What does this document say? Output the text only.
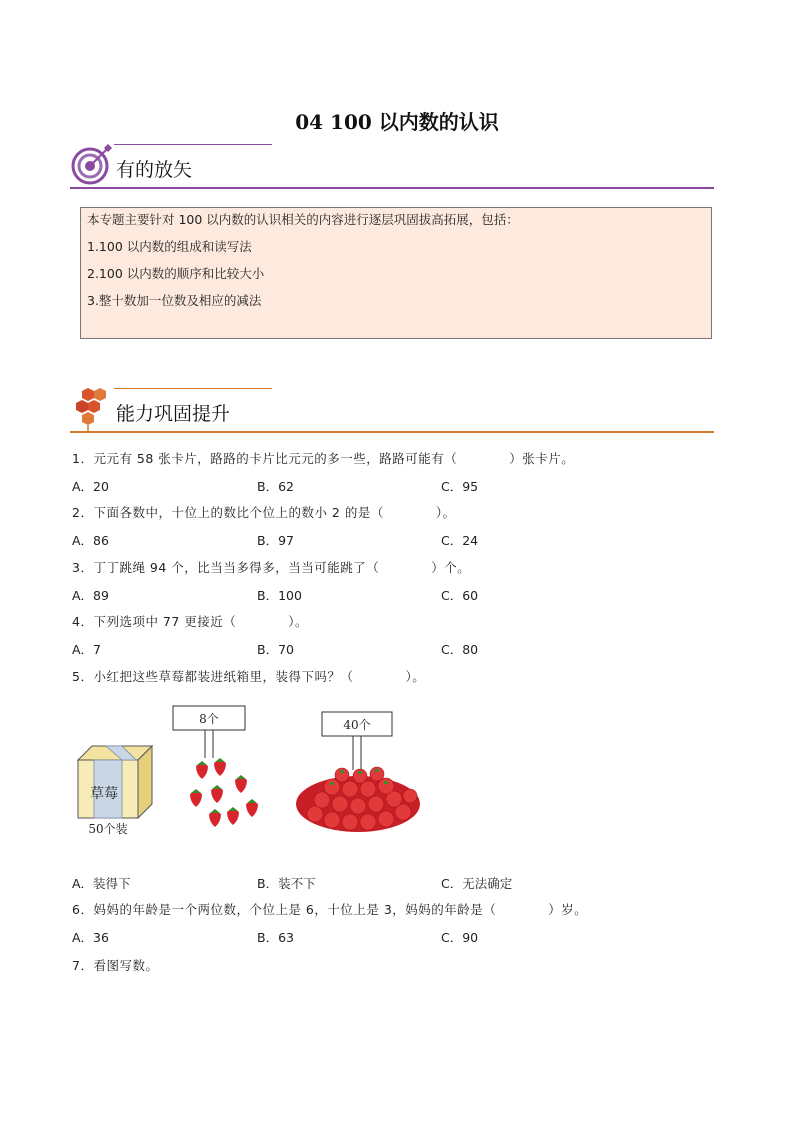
04 100 以内数的认识
有的放矢
本专题主要针对 100 以内数的认识相关的内容进行逐层巩固拔高拓展，包括：
1.100 以内数的组成和读写法
2.100 以内数的顺序和比较大小
3.整十数加一位数及相应的减法
能力巩固提升
1．元元有 58 张卡片，路路的卡片比元元的多一些，路路可能有（　　　　）张卡片。
A．20	B．62	C．95
2．下面各数中，十位上的数比个位上的数小 2 的是（　　　　）。
A．86	B．97	C．24
3．丁丁跳绳 94 个，比当当多得多，当当可能跳了（　　　　）个。
A．89	B．100	C．60
4．下列选项中 77 更接近（　　　　）。
A．7	B．70	C．80
5．小红把这些草莓都装进纸箱里，装得下吗？（　　　　）。
草莓
50个装
8个	40个
A．装得下	B．装不下	C．无法确定
6．妈妈的年龄是一个两位数，个位上是 6，十位上是 3，妈妈的年龄是（　　　　）岁。
A．36	B．63	C．90
7．看图写数。
